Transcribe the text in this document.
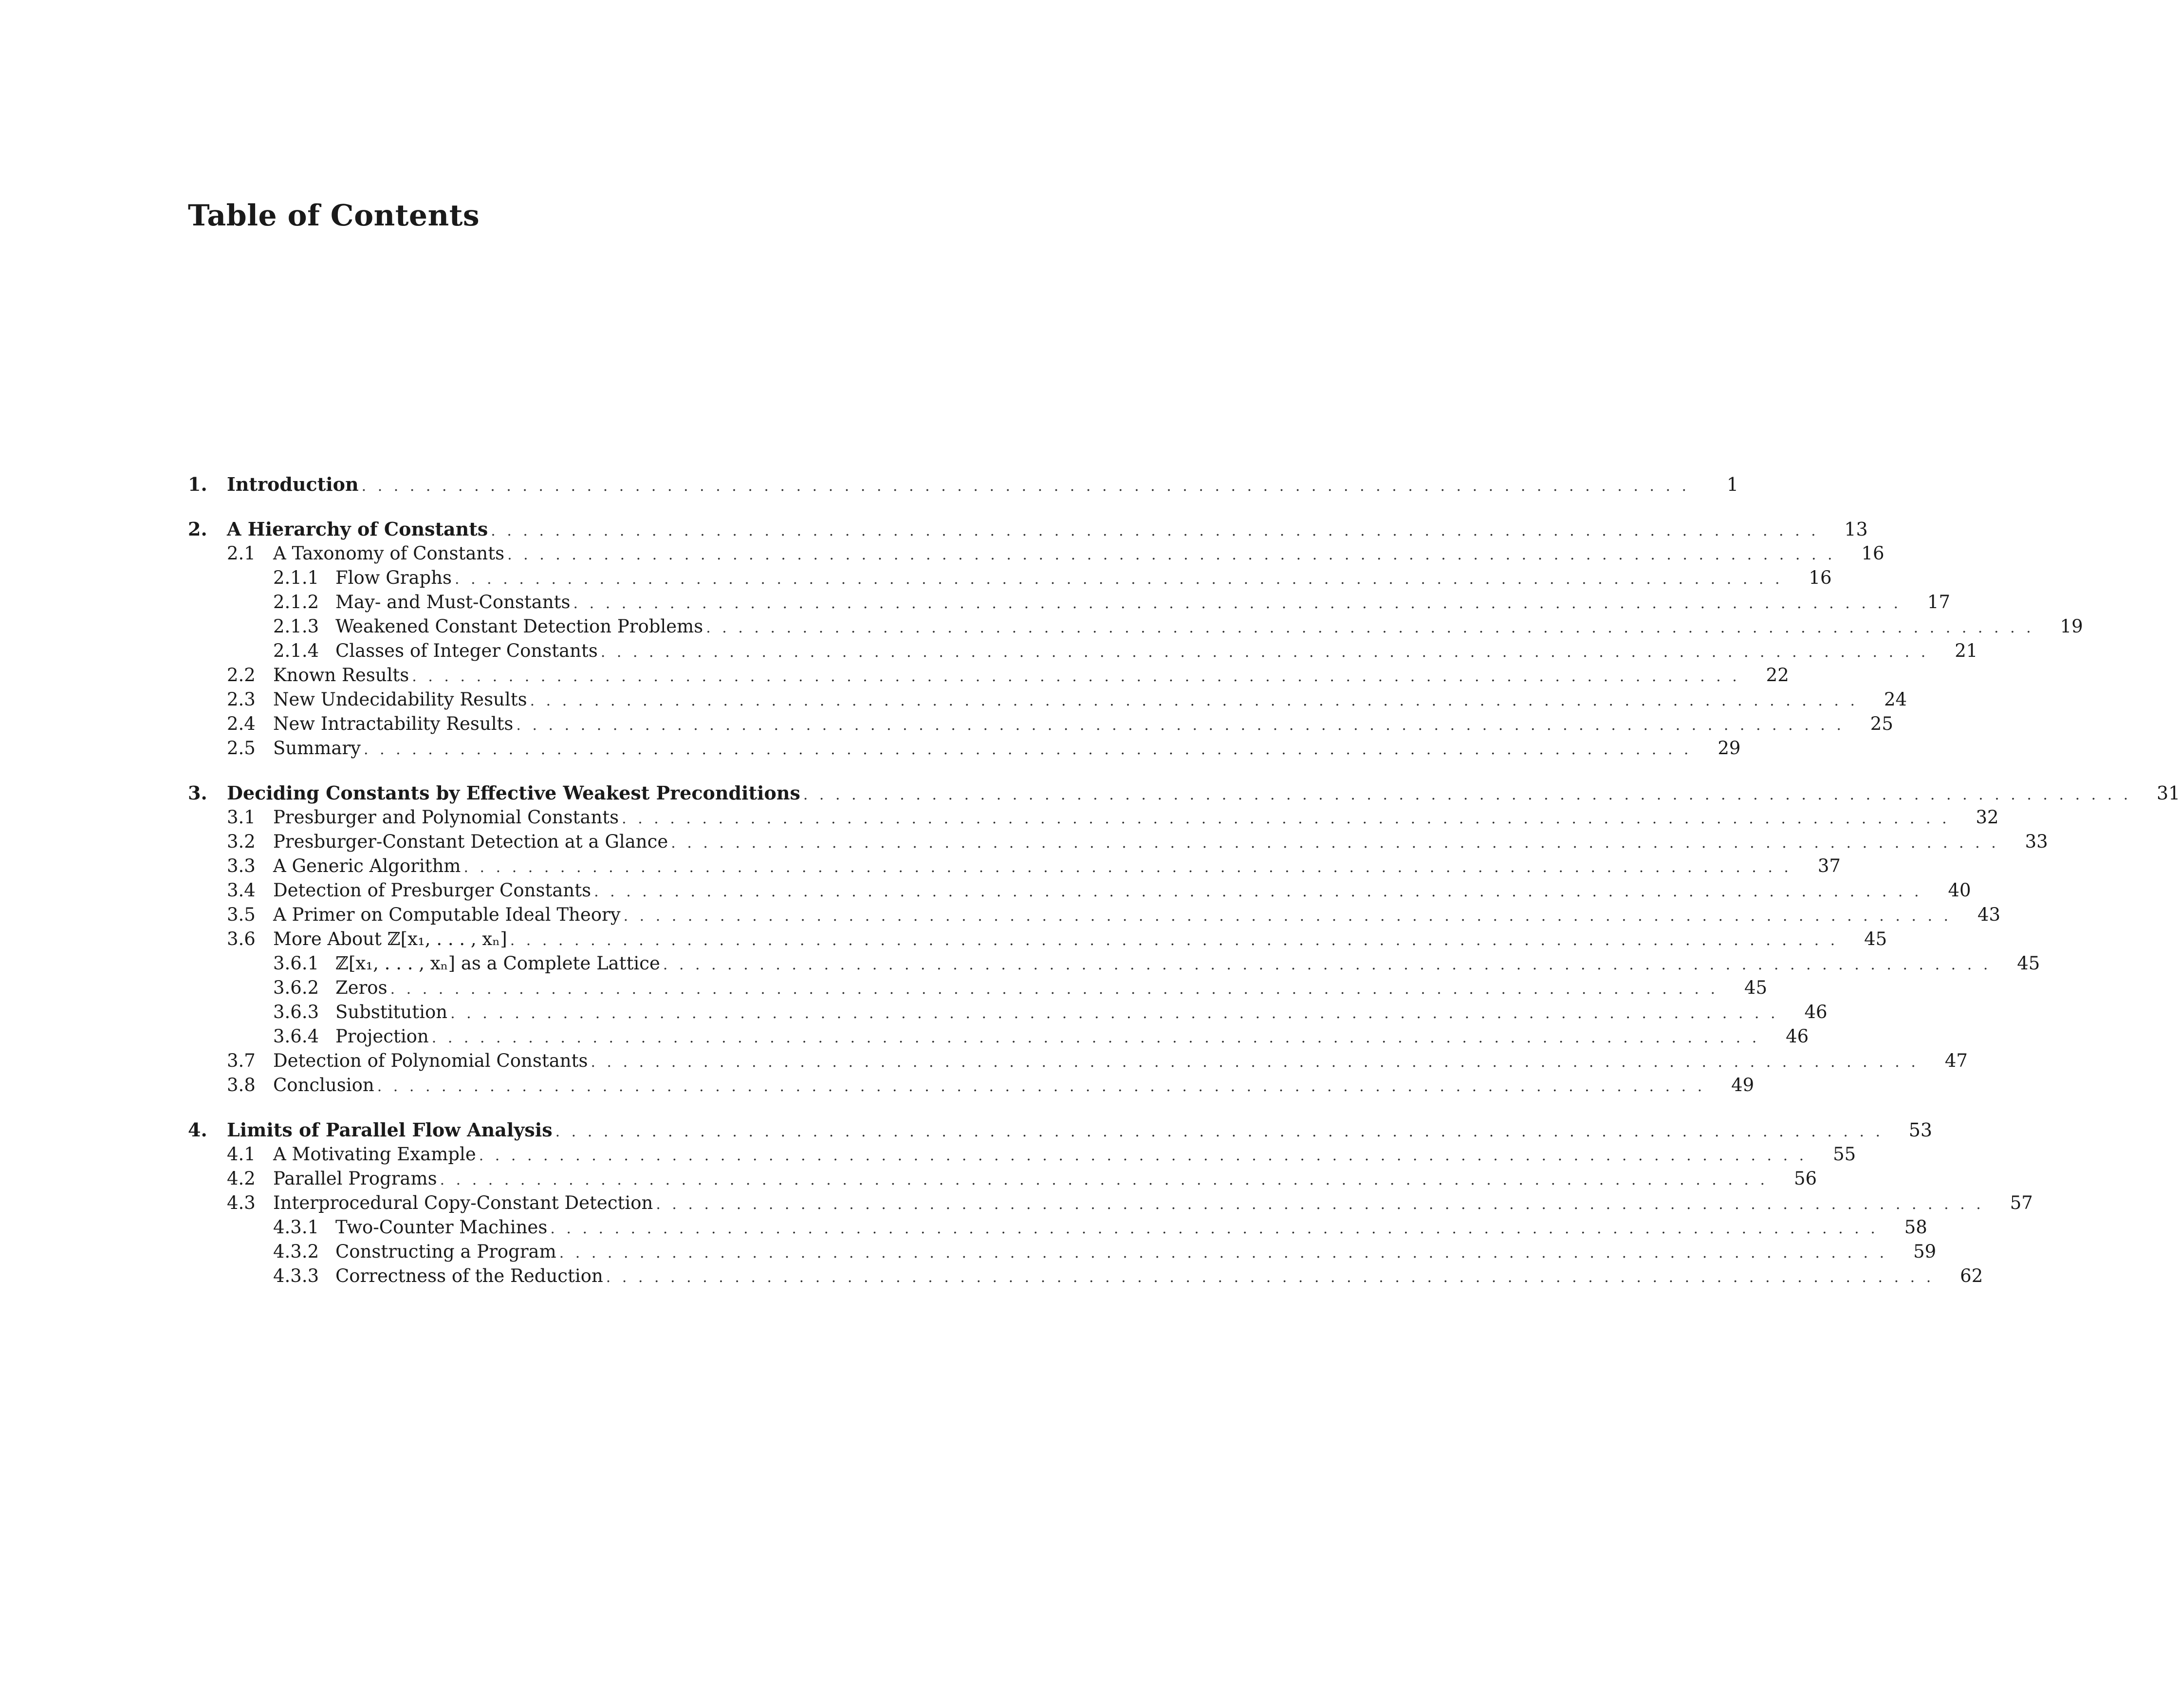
Table of Contents
1.	Introduction . . . . . . . . . . . . . . . . . . . . . . . . . . . . . . . . . . . . . . . . . . . . . . . . . . . . . . . . . . . . . . . . . . . . . . . . . . . . . . . . . . .	1
2.	A Hierarchy of Constants . . . . . . . . . . . . . . . . . . . . . . . . . . . . . . . . . . . . . . . . . . . . . . . . . . . . . . . . . . . . . . . . . . . . . . . . . . . . . . . . . . .	13
2.1 A Taxonomy of Constants . . . . . . . . . . . . . . . . . . . . . . . . . . . . . . . . . . . . . . . . . . . . . . . . . . . . . . . . . . . . . . . . . . . . . . . . . . . . . . . . . . .	16
2.1.1 Flow Graphs . . . . . . . . . . . . . . . . . . . . . . . . . . . . . . . . . . . . . . . . . . . . . . . . . . . . . . . . . . . . . . . . . . . . . . . . . . . . . . . . . . .	16
2.1.2 May- and Must-Constants . . . . . . . . . . . . . . . . . . . . . . . . . . . . . . . . . . . . . . . . . . . . . . . . . . . . . . . . . . . . . . . . . . . . . . . . . . . . . . . . . . .	17
2.1.3 Weakened Constant Detection Problems . . . . . . . . . . . . . . . . . . . . . . . . . . . . . . . . . . . . . . . . . . . . . . . . . . . . . . . . . . . . . . . . . . . . . . . . . . . . . . . . . . .	19
2.1.4 Classes of Integer Constants . . . . . . . . . . . . . . . . . . . . . . . . . . . . . . . . . . . . . . . . . . . . . . . . . . . . . . . . . . . . . . . . . . . . . . . . . . . . . . . . . . .	21
2.2 Known Results . . . . . . . . . . . . . . . . . . . . . . . . . . . . . . . . . . . . . . . . . . . . . . . . . . . . . . . . . . . . . . . . . . . . . . . . . . . . . . . . . . .	22
2.3 New Undecidability Results . . . . . . . . . . . . . . . . . . . . . . . . . . . . . . . . . . . . . . . . . . . . . . . . . . . . . . . . . . . . . . . . . . . . . . . . . . . . . . . . . . .	24
2.4 New Intractability Results . . . . . . . . . . . . . . . . . . . . . . . . . . . . . . . . . . . . . . . . . . . . . . . . . . . . . . . . . . . . . . . . . . . . . . . . . . . . . . . . . . .	25
2.5 Summary . . . . . . . . . . . . . . . . . . . . . . . . . . . . . . . . . . . . . . . . . . . . . . . . . . . . . . . . . . . . . . . . . . . . . . . . . . . . . . . . . . .	29
3.	Deciding Constants by Effective Weakest Preconditions . . . . . . . . . . . . . . . . . . . . . . . . . . . . . . . . . . . . . . . . . . . . . . . . . . . . . . . . . . . . . . . . . . . . . . . . . . . . . . . . . . .	31
3.1 Presburger and Polynomial Constants . . . . . . . . . . . . . . . . . . . . . . . . . . . . . . . . . . . . . . . . . . . . . . . . . . . . . . . . . . . . . . . . . . . . . . . . . . . . . . . . . . .	32
3.2 Presburger-Constant Detection at a Glance . . . . . . . . . . . . . . . . . . . . . . . . . . . . . . . . . . . . . . . . . . . . . . . . . . . . . . . . . . . . . . . . . . . . . . . . . . . . . . . . . . .	33
3.3 A Generic Algorithm . . . . . . . . . . . . . . . . . . . . . . . . . . . . . . . . . . . . . . . . . . . . . . . . . . . . . . . . . . . . . . . . . . . . . . . . . . . . . . . . . . .	37
3.4 Detection of Presburger Constants . . . . . . . . . . . . . . . . . . . . . . . . . . . . . . . . . . . . . . . . . . . . . . . . . . . . . . . . . . . . . . . . . . . . . . . . . . . . . . . . . . .	40
3.5 A Primer on Computable Ideal Theory . . . . . . . . . . . . . . . . . . . . . . . . . . . . . . . . . . . . . . . . . . . . . . . . . . . . . . . . . . . . . . . . . . . . . . . . . . . . . . . . . . .	43
3.6 More About ℤ[x₁, . . . , xₙ] . . . . . . . . . . . . . . . . . . . . . . . . . . . . . . . . . . . . . . . . . . . . . . . . . . . . . . . . . . . . . . . . . . . . . . . . . . . . . . . . . . .	45
3.6.1 ℤ[x₁, . . . , xₙ] as a Complete Lattice . . . . . . . . . . . . . . . . . . . . . . . . . . . . . . . . . . . . . . . . . . . . . . . . . . . . . . . . . . . . . . . . . . . . . . . . . . . . . . . . . . .	45
3.6.2 Zeros . . . . . . . . . . . . . . . . . . . . . . . . . . . . . . . . . . . . . . . . . . . . . . . . . . . . . . . . . . . . . . . . . . . . . . . . . . . . . . . . . . .	45
3.6.3 Substitution . . . . . . . . . . . . . . . . . . . . . . . . . . . . . . . . . . . . . . . . . . . . . . . . . . . . . . . . . . . . . . . . . . . . . . . . . . . . . . . . . . .	46
3.6.4 Projection . . . . . . . . . . . . . . . . . . . . . . . . . . . . . . . . . . . . . . . . . . . . . . . . . . . . . . . . . . . . . . . . . . . . . . . . . . . . . . . . . . .	46
3.7 Detection of Polynomial Constants . . . . . . . . . . . . . . . . . . . . . . . . . . . . . . . . . . . . . . . . . . . . . . . . . . . . . . . . . . . . . . . . . . . . . . . . . . . . . . . . . . .	47
3.8 Conclusion . . . . . . . . . . . . . . . . . . . . . . . . . . . . . . . . . . . . . . . . . . . . . . . . . . . . . . . . . . . . . . . . . . . . . . . . . . . . . . . . . . .	49
4.	Limits of Parallel Flow Analysis . . . . . . . . . . . . . . . . . . . . . . . . . . . . . . . . . . . . . . . . . . . . . . . . . . . . . . . . . . . . . . . . . . . . . . . . . . . . . . . . . . .	53
4.1 A Motivating Example . . . . . . . . . . . . . . . . . . . . . . . . . . . . . . . . . . . . . . . . . . . . . . . . . . . . . . . . . . . . . . . . . . . . . . . . . . . . . . . . . . .	55
4.2 Parallel Programs . . . . . . . . . . . . . . . . . . . . . . . . . . . . . . . . . . . . . . . . . . . . . . . . . . . . . . . . . . . . . . . . . . . . . . . . . . . . . . . . . . .	56
4.3 Interprocedural Copy-Constant Detection . . . . . . . . . . . . . . . . . . . . . . . . . . . . . . . . . . . . . . . . . . . . . . . . . . . . . . . . . . . . . . . . . . . . . . . . . . . . . . . . . . .	57
4.3.1 Two-Counter Machines . . . . . . . . . . . . . . . . . . . . . . . . . . . . . . . . . . . . . . . . . . . . . . . . . . . . . . . . . . . . . . . . . . . . . . . . . . . . . . . . . . .	58
4.3.2 Constructing a Program . . . . . . . . . . . . . . . . . . . . . . . . . . . . . . . . . . . . . . . . . . . . . . . . . . . . . . . . . . . . . . . . . . . . . . . . . . . . . . . . . . .	59
4.3.3 Correctness of the Reduction . . . . . . . . . . . . . . . . . . . . . . . . . . . . . . . . . . . . . . . . . . . . . . . . . . . . . . . . . . . . . . . . . . . . . . . . . . . . . . . . . . .	62
